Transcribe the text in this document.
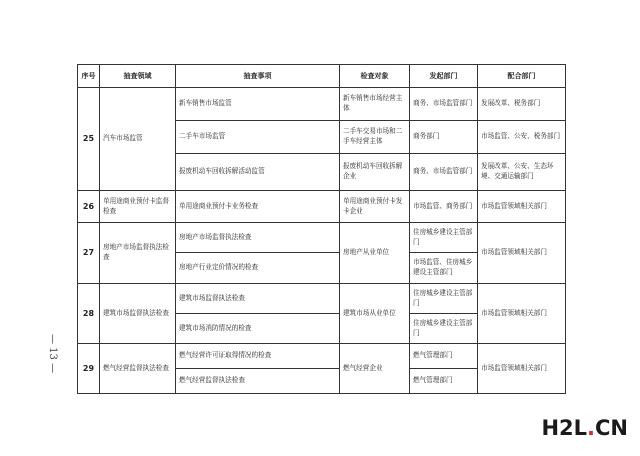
序号	抽查领域	抽查事项	检查对象	发起部门	配合部门
25	汽车市场监管	新车销售市场监管	新车销售市场经营主体	商务、市场监管部门	发展改革、税务部门
		二手车市场监管	二手车交易市场和二手车经营主体	商务部门	市场监管、公安、税务部门
		报废机动车回收拆解活动监管	报废机动车回收拆解企业	商务、市场监管部门	发展改革、公安、生态环境、交通运输部门
26	单用途商业预付卡监督检查	单用途商业预付卡业务检查	单用途商业预付卡发卡企业	市场监管、商务部门	市场监管领域相关部门
27	房地产市场监督执法检查	房地产市场监督执法检查	房地产从业单位	住房城乡建设主管部门	市场监管领域相关部门
		房地产行业定价情况的检查		市场监管、住房城乡建设主管部门	
28	建筑市场监督执法检查	建筑市场监督执法检查	建筑市场从业单位	住房城乡建设主管部门	市场监管领域相关部门
		建筑市场消防情况的检查		住房城乡建设主管部门	
29	燃气经营监督执法检查	燃气经营许可证取得情况的检查	燃气经营企业	燃气管理部门	市场监管领域相关部门
		燃气经营监督执法检查		燃气管理部门	
— 13 —
H2L.CN
